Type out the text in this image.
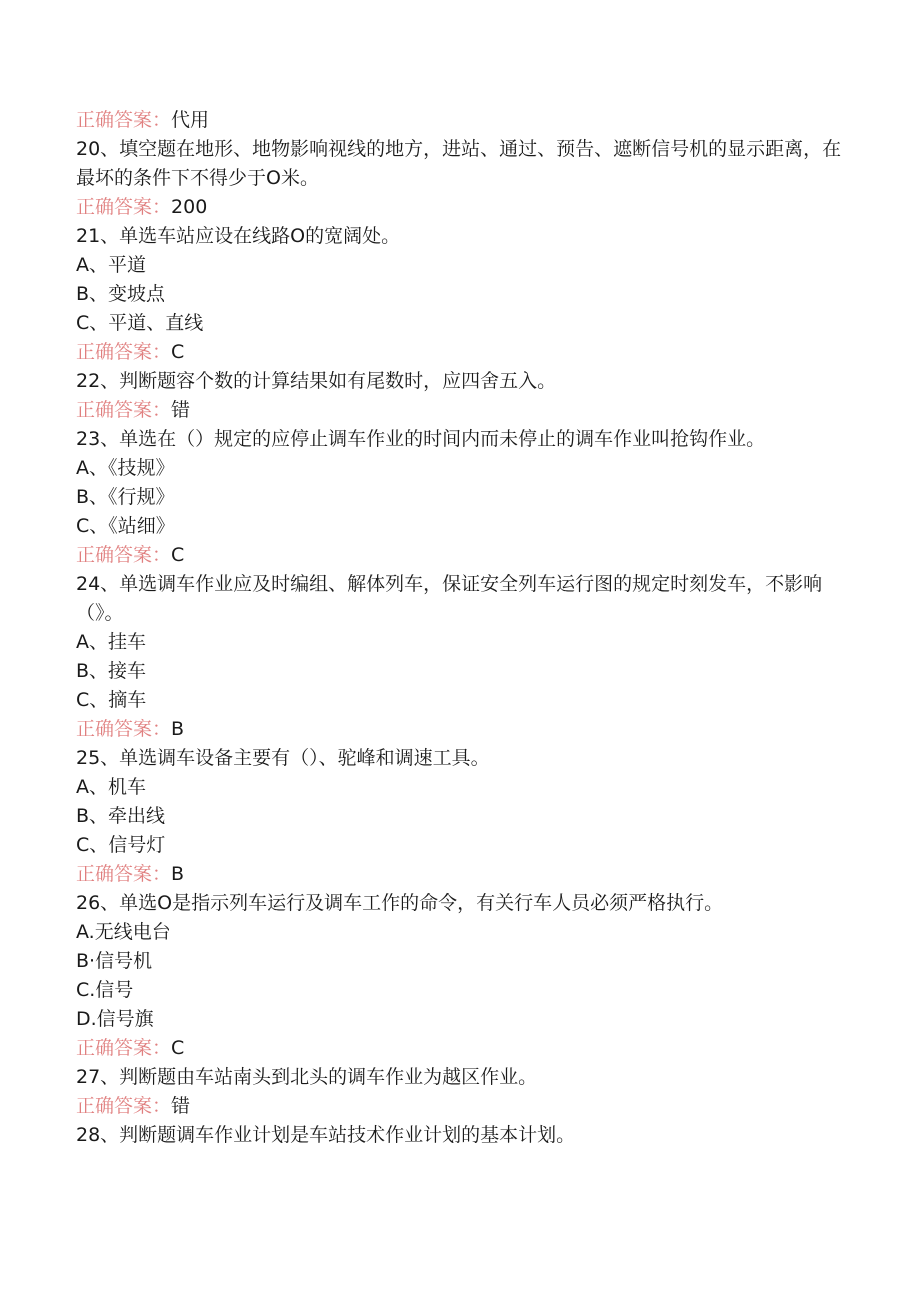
正确答案：代用
20、填空题在地形、地物影响视线的地方，进站、通过、预告、遮断信号机的显示距离，在最坏的条件下不得少于O米。
正确答案：200
21、单选车站应设在线路O的宽阔处。
A、平道
B、变坡点
C、平道、直线
正确答案：C
22、判断题容个数的计算结果如有尾数时，应四舍五入。
正确答案：错
23、单选在（）规定的应停止调车作业的时间内而未停止的调车作业叫抢钩作业。
A、《技规》
B、《行规》
C、《站细》
正确答案：C
24、单选调车作业应及时编组、解体列车，保证安全列车运行图的规定时刻发车，不影响（》。
A、挂车
B、接车
C、摘车
正确答案：B
25、单选调车设备主要有（）、驼峰和调速工具。
A、机车
B、牵出线
C、信号灯
正确答案：B
26、单选O是指示列车运行及调车工作的命令，有关行车人员必须严格执行。
A.无线电台
B·信号机
C.信号
D.信号旗
正确答案：C
27、判断题由车站南头到北头的调车作业为越区作业。
正确答案：错
28、判断题调车作业计划是车站技术作业计划的基本计划。
